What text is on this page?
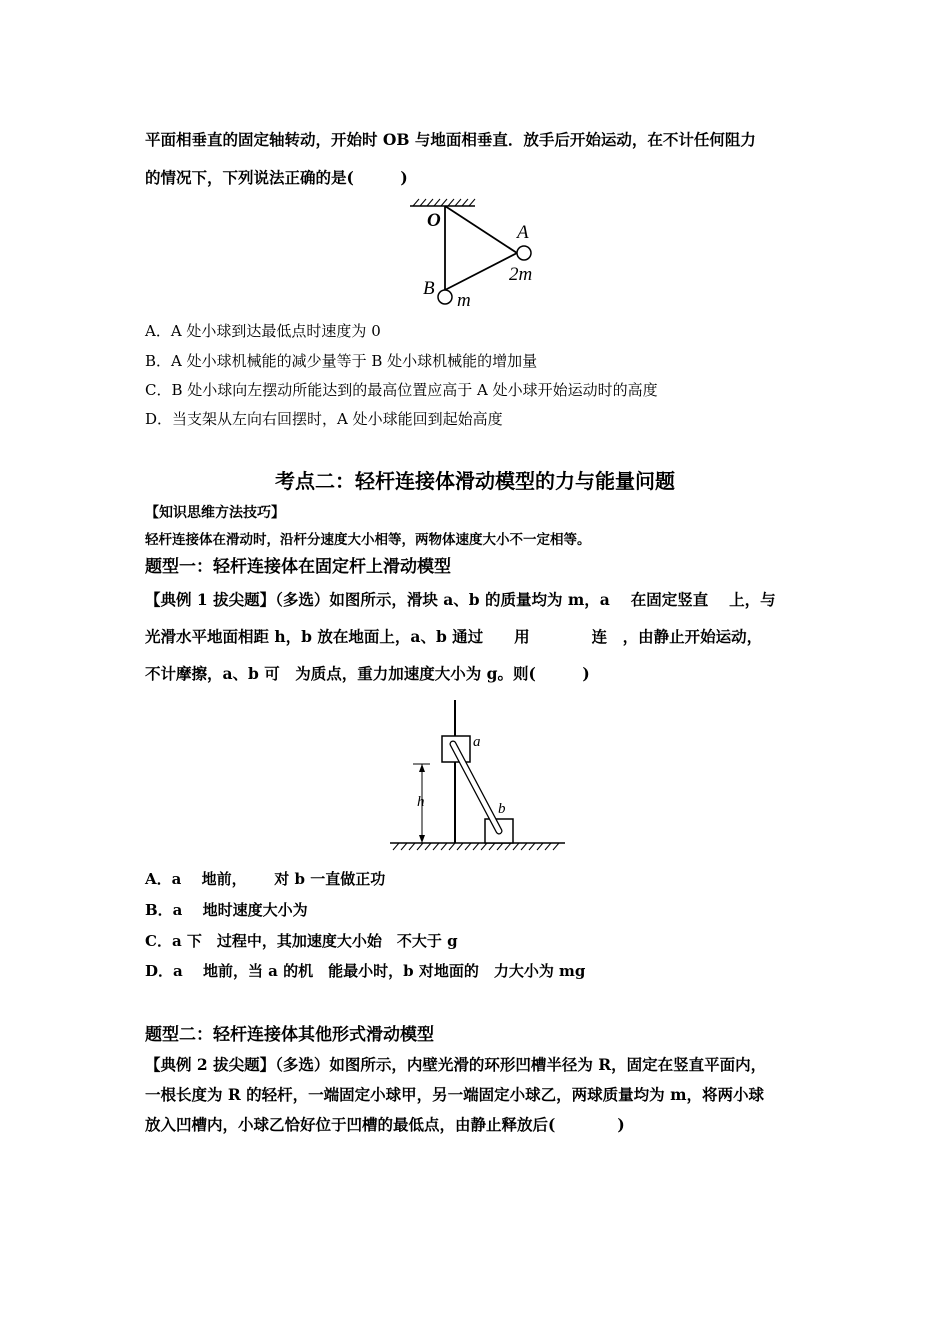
平面相垂直的固定轴转动，开始时 OB 与地面相垂直．放手后开始运动，在不计任何阻力
的情况下，下列说法正确的是(　　　)
O
A
2m
B
m
A．A 处小球到达最低点时速度为 0
B．A 处小球机械能的减少量等于 B 处小球机械能的增加量
C．B 处小球向左摆动所能达到的最高位置应高于 A 处小球开始运动时的高度
D．当支架从左向右回摆时，A 处小球能回到起始高度
考点二：轻杆连接体滑动模型的力与能量问题
【知识思维方法技巧】
轻杆连接体在滑动时，沿杆分速度大小相等，两物体速度大小不一定相等。
题型一：轻杆连接体在固定杆上滑动模型
【典例 1 拔尖题】（多选）如图所示，滑块 a、b 的质量均为 m，a　 在固定竖直　 上，与
光滑水平地面相距 h，b 放在地面上，a、b 通过　　用　　　　连　，由静止开始运动，
不计摩擦，a、b 可　为质点，重力加速度大小为 g。则(　　　)
a
b
h
A．a　 地前，　　 对 b 一直做正功
B．a　 地时速度大小为
C．a 下　过程中，其加速度大小始　不大于 g
D．a　 地前，当 a 的机　能最小时，b 对地面的　力大小为 mg
题型二：轻杆连接体其他形式滑动模型
【典例 2 拔尖题】（多选）如图所示，内壁光滑的环形凹槽半径为 R，固定在竖直平面内，
一根长度为 R 的轻杆，一端固定小球甲，另一端固定小球乙，两球质量均为 m，将两小球
放入凹槽内，小球乙恰好位于凹槽的最低点，由静止释放后(　　　　)
